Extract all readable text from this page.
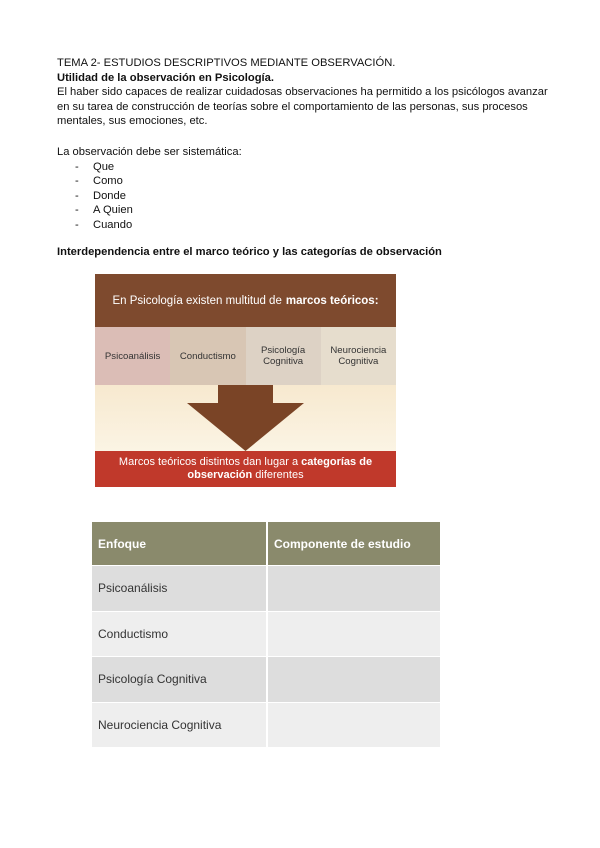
TEMA 2- ESTUDIOS DESCRIPTIVOS MEDIANTE OBSERVACIÓN.
Utilidad de la observación en Psicología.

El haber sido capaces de realizar cuidadosas observaciones ha permitido a los psicólogos avanzar en su tarea de construcción de teorías sobre el comportamiento de las personas, sus procesos mentales, sus emociones, etc.

La observación debe ser sistemática:
- Que
- Como
- Donde
- A Quien
- Cuando
Interdependencia entre el marco teórico y las categorías de observación
En Psicología existen multitud de marcos teóricos:
Psicoanálisis	Conductismo	Psicología Cognitiva
Neurociencia Cognitiva
Marcos teóricos distintos dan lugar a categorías de observación diferentes
Enfoque	Componente de estudio
Psicoanálisis	
Conductismo	
Psicología Cognitiva	
Neurociencia Cognitiva	
